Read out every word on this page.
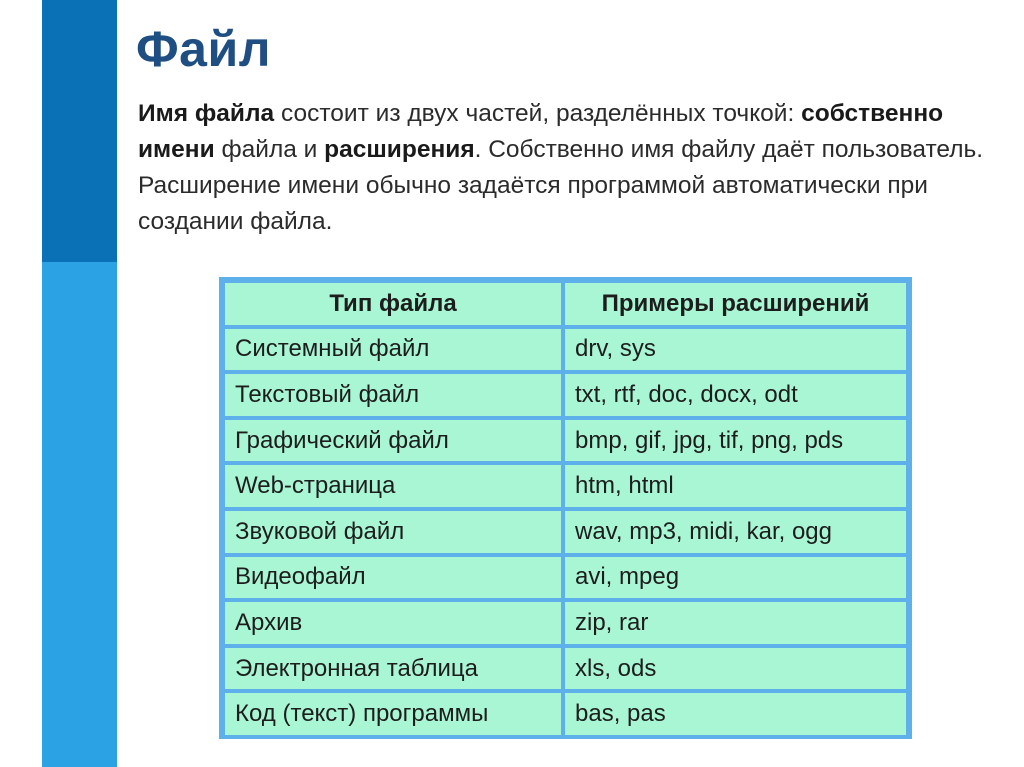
Файл

Имя файла состоит из двух частей, разделённых точкой: собственно имени файла и расширения. Собственно имя файлу даёт пользователь. Расширение имени обычно задаётся программой автоматически при создании файла.

Тип файла	Примеры расширений
Системный файл	drv, sys
Текстовый файл	txt, rtf, doc, docx, odt
Графический файл	bmp, gif, jpg, tif, png, pds
Web-страница	htm, html
Звуковой файл	wav, mp3, midi, kar, ogg
Видеофайл	avi, mpeg
Архив	zip, rar
Электронная таблица	xls, ods
Код (текст) программы	bas, pas
